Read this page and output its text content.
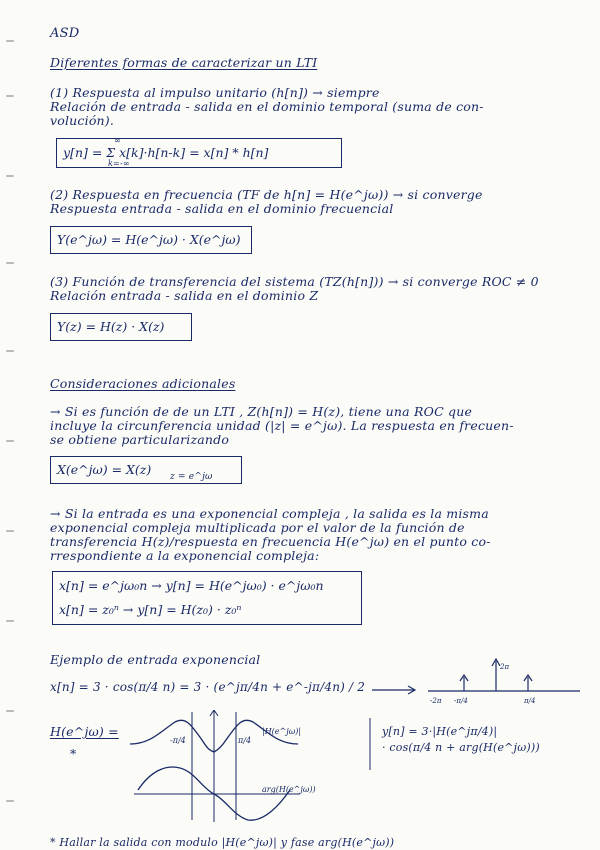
ASD
Diferentes formas de caracterizar un LTI
(1) Respuesta al impulso unitario (h[n]) → siempre
Relación de entrada - salida en el dominio temporal (suma de con-
volución).
y[n] = Σ x[k]·h[n-k] = x[n] * h[n]
∞
k=-∞
(2) Respuesta en frecuencia (TF de h[n] = H(e^jω)) → si converge
Respuesta entrada - salida en el dominio frecuencial
Y(e^jω) = H(e^jω) · X(e^jω)
(3) Función de transferencia del sistema (TZ(h[n])) → si converge ROC ≠ 0
Relación entrada - salida en el dominio Z
Y(z) = H(z) · X(z)
Consideraciones adicionales
→ Si es función de de un LTI , Z(h[n]) = H(z), tiene una ROC que
incluye la circunferencia unidad (|z| = e^jω). La respuesta en frecuen-
se obtiene particularizando
X(e^jω) = X(z)	z = e^jω
→ Si la entrada es una exponencial compleja , la salida es la misma
exponencial compleja multiplicada por el valor de la función de
transferencia H(z)/respuesta en frecuencia H(e^jω) en el punto co-
rrespondiente a la exponencial compleja:
x[n] = e^jω₀n → y[n] = H(e^jω₀) · e^jω₀n
x[n] = z₀ⁿ → y[n] = H(z₀) · z₀ⁿ
Ejemplo de entrada exponencial
x[n] = 3 · cos(π/4 n) = 3 · (e^jπ/4n + e^-jπ/4n) / 2
-2π -π/4	π/4
2π
H(e^jω) =
*
-π/4	π/4
|H(e^jω)|
arg(H(e^jω))
y[n] = 3·|H(e^jπ/4)|
· cos(π/4 n + arg(H(e^jω)))
* Hallar la salida con modulo |H(e^jω)| y fase arg(H(e^jω))
